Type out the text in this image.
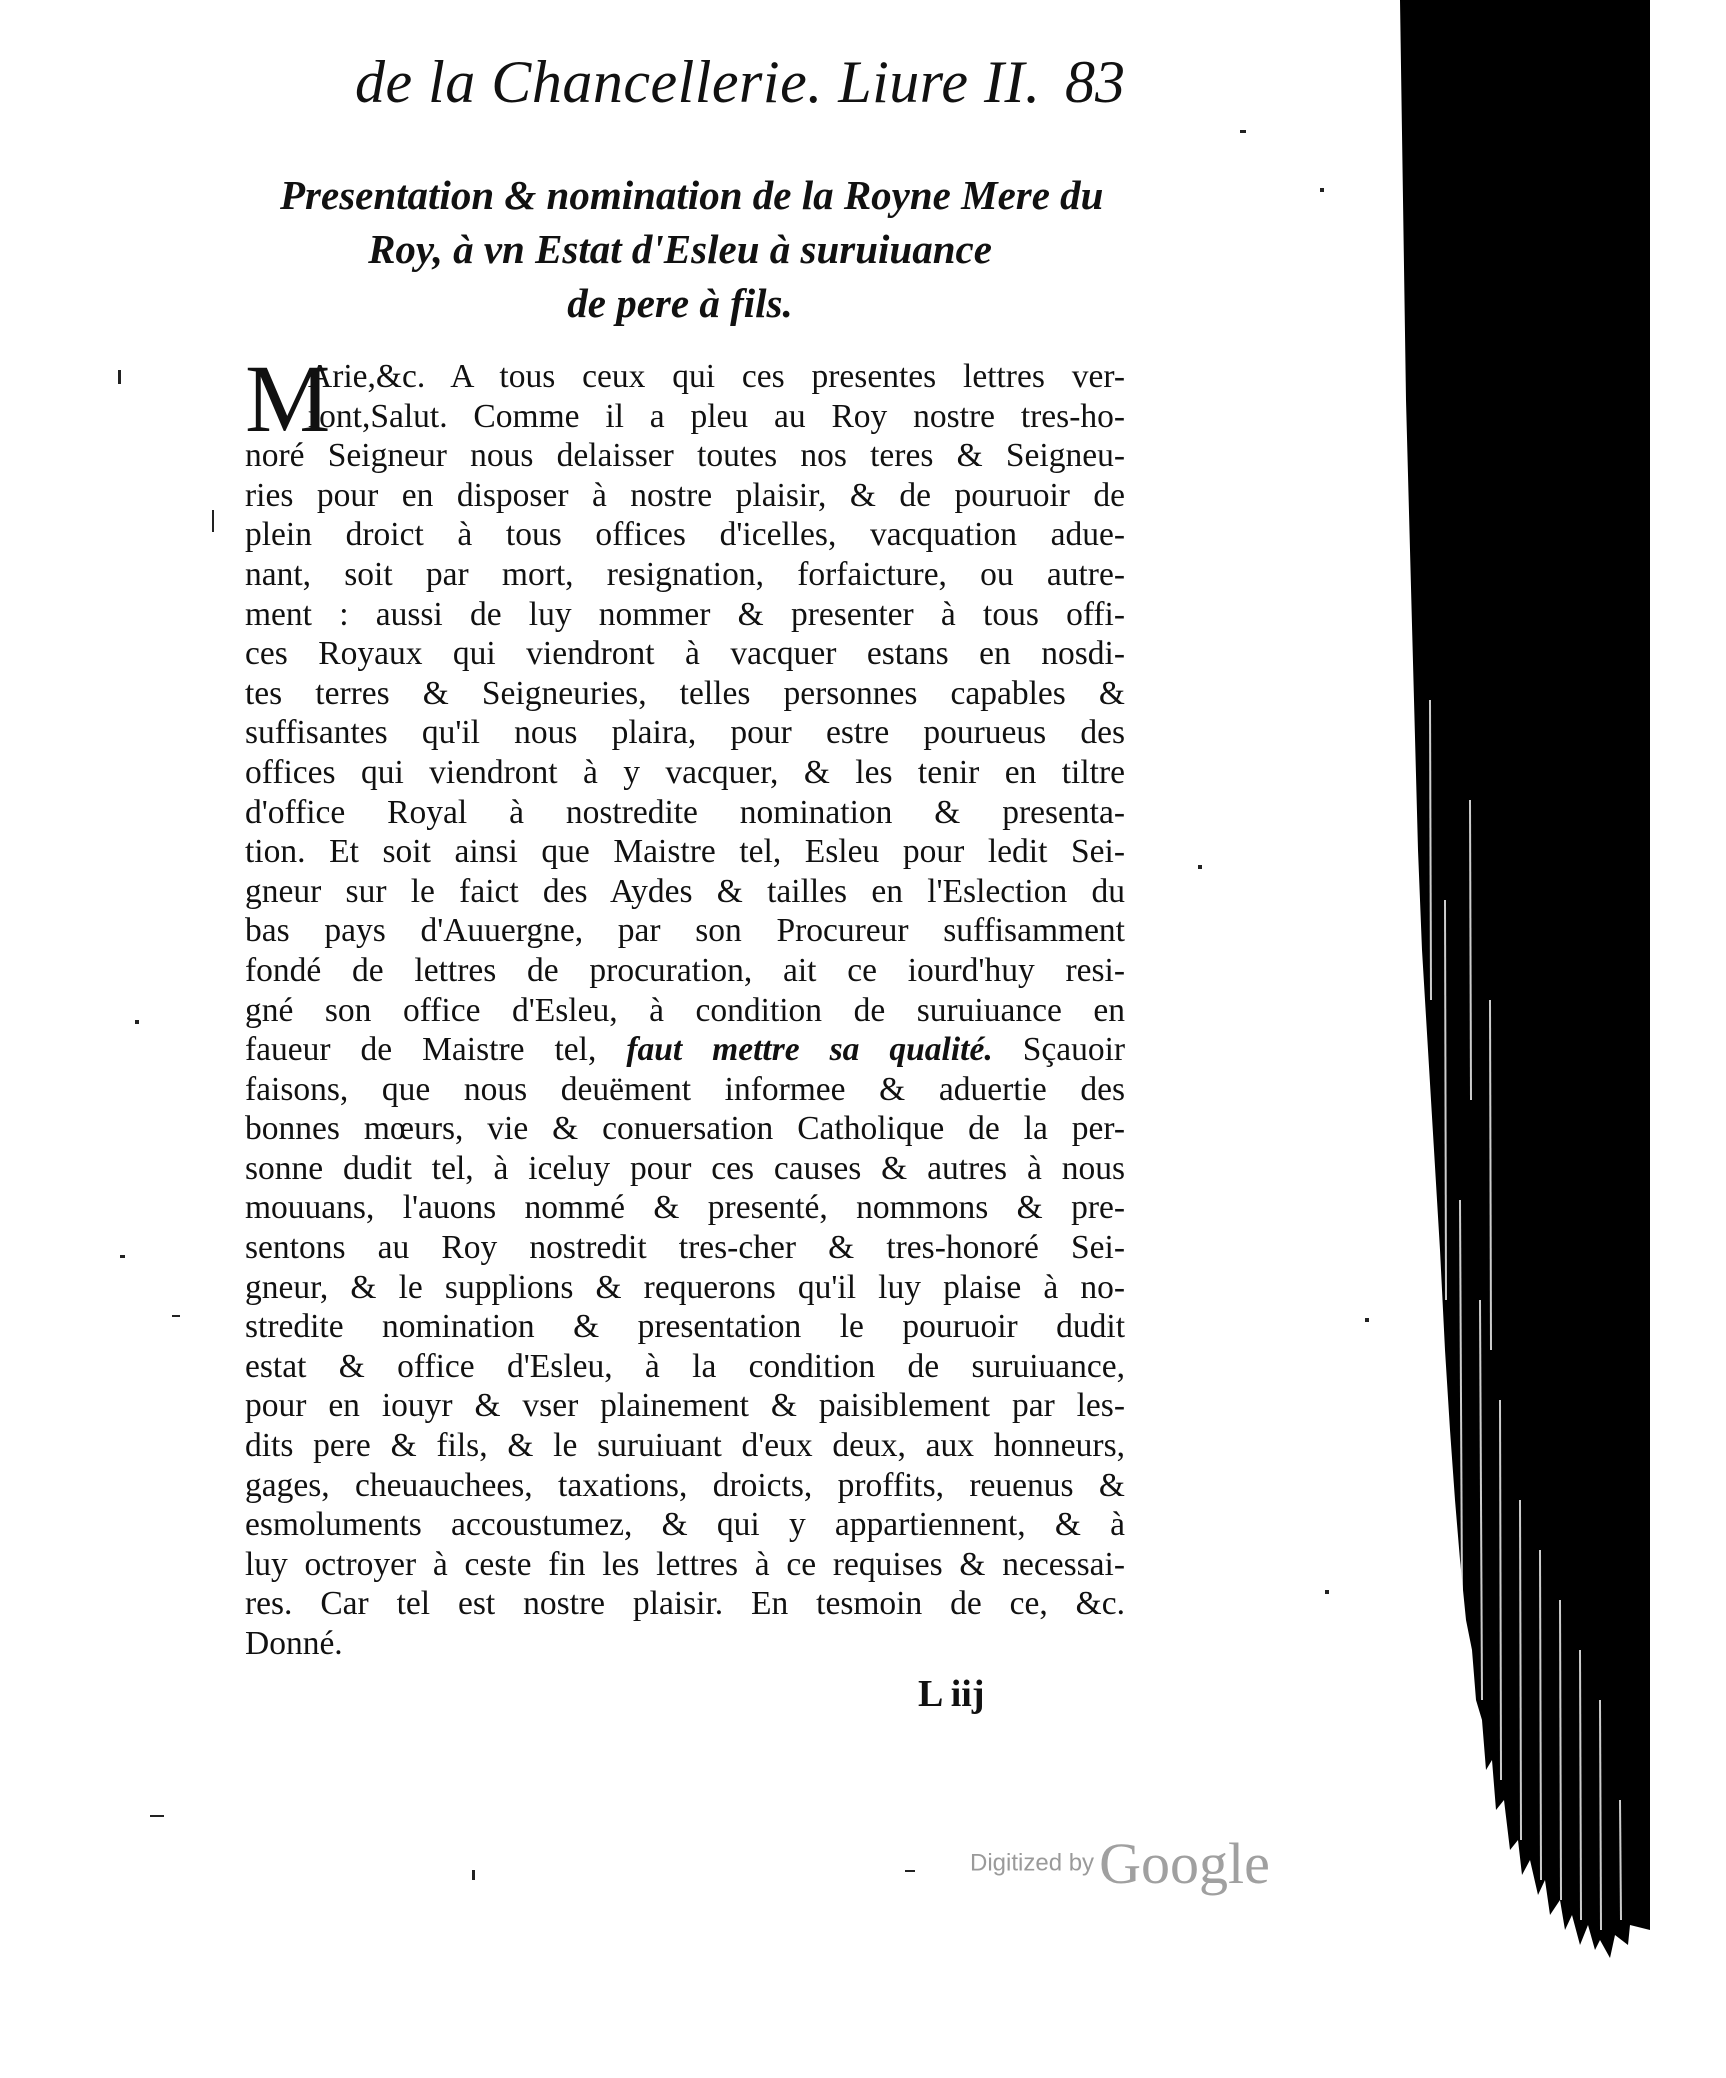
de la Chancellerie. Liure II. 83
Presentation & nomination de la Royne Mere du
Roy, à vn Estat d'Esleu à suruiuance
de pere à fils.
M
Arie,&c. A tous ceux qui ces presentes lettres ver-
ront,Salut. Comme il a pleu au Roy nostre tres-ho-
noré Seigneur nous delaisser toutes nos teres & Seigneu-
ries pour en disposer à nostre plaisir, & de pouruoir de
plein droict à tous offices d'icelles, vacquation adue-
nant, soit par mort, resignation, forfaicture, ou autre-
ment : aussi de luy nommer & presenter à tous offi-
ces Royaux qui viendront à vacquer estans en nosdi-
tes terres & Seigneuries, telles personnes capables &
suffisantes qu'il nous plaira, pour estre pourueus des
offices qui viendront à y vacquer, & les tenir en tiltre
d'office Royal à nostredite nomination & presenta-
tion. Et soit ainsi que Maistre tel, Esleu pour ledit Sei-
gneur sur le faict des Aydes & tailles en l'Eslection du
bas pays d'Auuergne, par son Procureur suffisamment
fondé de lettres de procuration, ait ce iourd'huy resi-
gné son office d'Esleu, à condition de suruiuance en
faueur de Maistre tel, faut mettre sa qualité. Sçauoir
faisons, que nous deuëment informee & aduertie des
bonnes mœurs, vie & conuersation Catholique de la per-
sonne dudit tel, à iceluy pour ces causes & autres à nous
mouuans, l'auons nommé & presenté, nommons & pre-
sentons au Roy nostredit tres-cher & tres-honoré Sei-
gneur, & le supplions & requerons qu'il luy plaise à no-
stredite nomination & presentation le pouruoir dudit
estat & office d'Esleu, à la condition de suruiuance,
pour en iouyr & vser plainement & paisiblement par les-
dits pere & fils, & le suruiuant d'eux deux, aux honneurs,
gages, cheuauchees, taxations, droicts, proffits, reuenus &
esmoluments accoustumez, & qui y appartiennent, & à
luy octroyer à ceste fin les lettres à ce requises & necessai-
res. Car tel est nostre plaisir. En tesmoin de ce, &c.
Donné.
L iij
Digitized by Google
